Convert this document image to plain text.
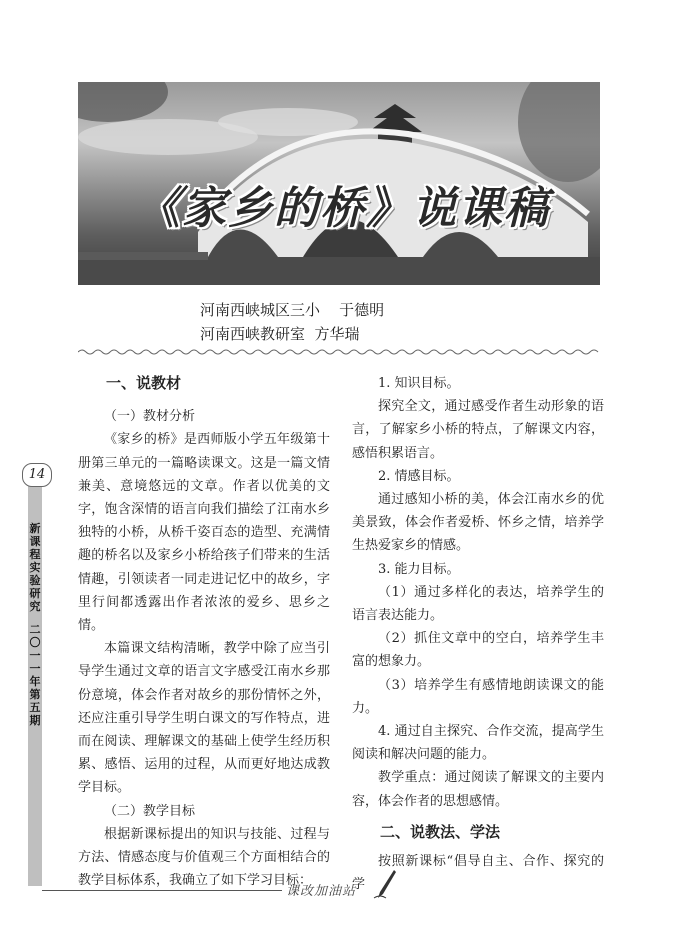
《家乡的桥》说课稿
河南西峡城区三小    于德明
河南西峡教研室  方华瑞
14
新课程实验研究
二〇一一年第五期

一、说教材

（一）教材分析

《家乡的桥》是西师版小学五年级第十册第三单元的一篇略读课文。这是一篇文情兼美、意境悠远的文章。作者以优美的文字，饱含深情的语言向我们描绘了江南水乡独特的小桥，从桥千姿百态的造型、充满情趣的桥名以及家乡小桥给孩子们带来的生活情趣，引领读者一同走进记忆中的故乡，字里行间都透露出作者浓浓的爱乡、思乡之情。

本篇课文结构清晰，教学中除了应当引导学生通过文章的语言文字感受江南水乡那份意境，体会作者对故乡的那份情怀之外，还应注重引导学生明白课文的写作特点，进而在阅读、理解课文的基础上使学生经历积累、感悟、运用的过程，从而更好地达成教学目标。

（二）教学目标

根据新课标提出的知识与技能、过程与方法、情感态度与价值观三个方面相结合的教学目标体系，我确立了如下学习目标：

1. 知识目标。

探究全文，通过感受作者生动形象的语言，了解家乡小桥的特点，了解课文内容，感悟积累语言。

2. 情感目标。

通过感知小桥的美，体会江南水乡的优美景致，体会作者爱桥、怀乡之情，培养学生热爱家乡的情感。

3. 能力目标。

（1）通过多样化的表达，培养学生的语言表达能力。

（2）抓住文章中的空白，培养学生丰富的想象力。

（3）培养学生有感情地朗读课文的能力。

4. 通过自主探究、合作交流，提高学生阅读和解决问题的能力。

教学重点：通过阅读了解课文的主要内容，体会作者的思想感情。

二、说教法、学法

按照新课标“倡导自主、合作、探究的学

课改加油站
